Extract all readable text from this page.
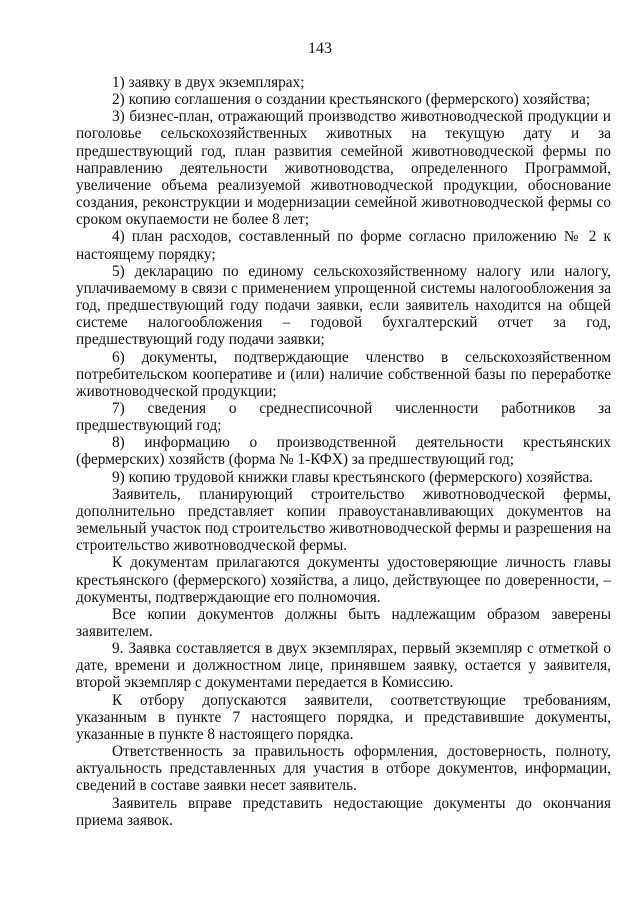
143

1) заявку в двух экземплярах;

2) копию соглашения о создании крестьянского (фермерского) хозяйства;

3) бизнес-план, отражающий производство животноводческой продукции и поголовье сельскохозяйственных животных на текущую дату и за предшествующий год, план развития семейной животноводческой фермы по направлению деятельности животноводства, определенного Программой, увеличение объема реализуемой животноводческой продукции, обоснование создания, реконструкции и модернизации семейной животноводческой фермы со сроком окупаемости не более 8 лет;

4) план расходов, составленный по форме согласно приложению № 2 к настоящему порядку;

5) декларацию по единому сельскохозяйственному налогу или налогу, уплачиваемому в связи с применением упрощенной системы налогообложения за год, предшествующий году подачи заявки, если заявитель находится на общей системе налогообложения – годовой бухгалтерский отчет за год, предшествующий году подачи заявки;

6) документы, подтверждающие членство в сельскохозяйственном потребительском кооперативе и (или) наличие собственной базы по переработке животноводческой продукции;

7) сведения о среднесписочной численности работников за предшествующий год;

8) информацию о производственной деятельности крестьянских (фермерских) хозяйств (форма № 1-КФХ) за предшествующий год;

9) копию трудовой книжки главы крестьянского (фермерского) хозяйства.

Заявитель, планирующий строительство животноводческой фермы, дополнительно представляет копии правоустанавливающих документов на земельный участок под строительство животноводческой фермы и разрешения на строительство животноводческой фермы.

К документам прилагаются документы удостоверяющие личность главы крестьянского (фермерского) хозяйства, а лицо, действующее по доверенности, – документы, подтверждающие его полномочия.

Все копии документов должны быть надлежащим образом заверены заявителем.

9. Заявка составляется в двух экземплярах, первый экземпляр с отметкой о дате, времени и должностном лице, принявшем заявку, остается у заявителя, второй экземпляр с документами передается в Комиссию.

К отбору допускаются заявители, соответствующие требованиям, указанным в пункте 7 настоящего порядка, и представившие документы, указанные в пункте 8 настоящего порядка.

Ответственность за правильность оформления, достоверность, полноту, актуальность представленных для участия в отборе документов, информации, сведений в составе заявки несет заявитель.

Заявитель вправе представить недостающие документы до окончания приема заявок.
